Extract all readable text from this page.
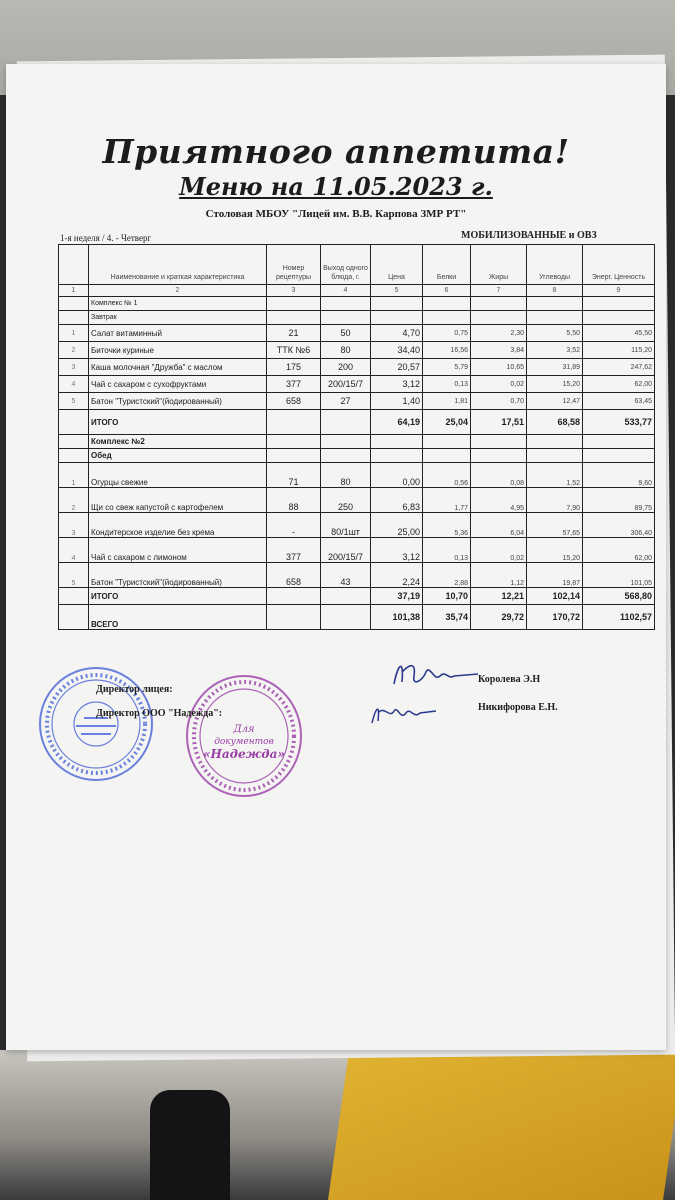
Приятного аппетита!
Меню на 11.05.2023 г.
Столовая МБОУ "Лицей им. В.В. Карпова ЗМР РТ"
1-я неделя / 4. - Четверг	МОБИЛИЗОВАННЫЕ и ОВЗ
	Наименование и краткая характеристика	Номер рецептуры	Выход одного блюда, г.	Цена	Белки	Жиры	Углеводы	Энерг. Ценность
1	2	3	4	5	6	7	8	9
	Комплекс № 1							
	Завтрак							
1	Салат витаминный	21	50	4,70	0,75	2,30	5,50	45,50
2	Биточки куриные	ТТК №6	80	34,40	16,56	3,84	3,52	115,20
3	Каша молочная "Дружба" с маслом	175	200	20,57	5,79	10,65	31,89	247,62
4	Чай с сахаром с сухофруктами	377	200/15/7	3,12	0,13	0,02	15,20	62,00
5	Батон "Туристский"(йодированный)	658	27	1,40	1,81	0,70	12,47	63,45
	ИТОГО			64,19	25,04	17,51	68,58	533,77
	Комплекс №2							
	Обед							
1	Огурцы свежие	71	80	0,00	0,56	0,08	1,52	9,60
2	Щи со свеж капустой с картофелем	88	250	6,83	1,77	4,95	7,90	89,75
3	Кондитерское изделие без крема	-	80/1шт	25,00	5,36	6,04	57,65	306,40
4	Чай с сахаром с лимоном	377	200/15/7	3,12	0,13	0,02	15,20	62,00
5	Батон "Туристский"(йодированный)	658	43	2,24	2,88	1,12	19,87	101,05
	ИТОГО			37,19	10,70	12,21	102,14	568,80
	ВСЕГО			101,38	35,74	29,72	170,72	1102,57
Для
документов
«Надежда»
Директор лицея:
Директор ООО "Надежда":
Королева Э.Н
Никифорова Е.Н.
